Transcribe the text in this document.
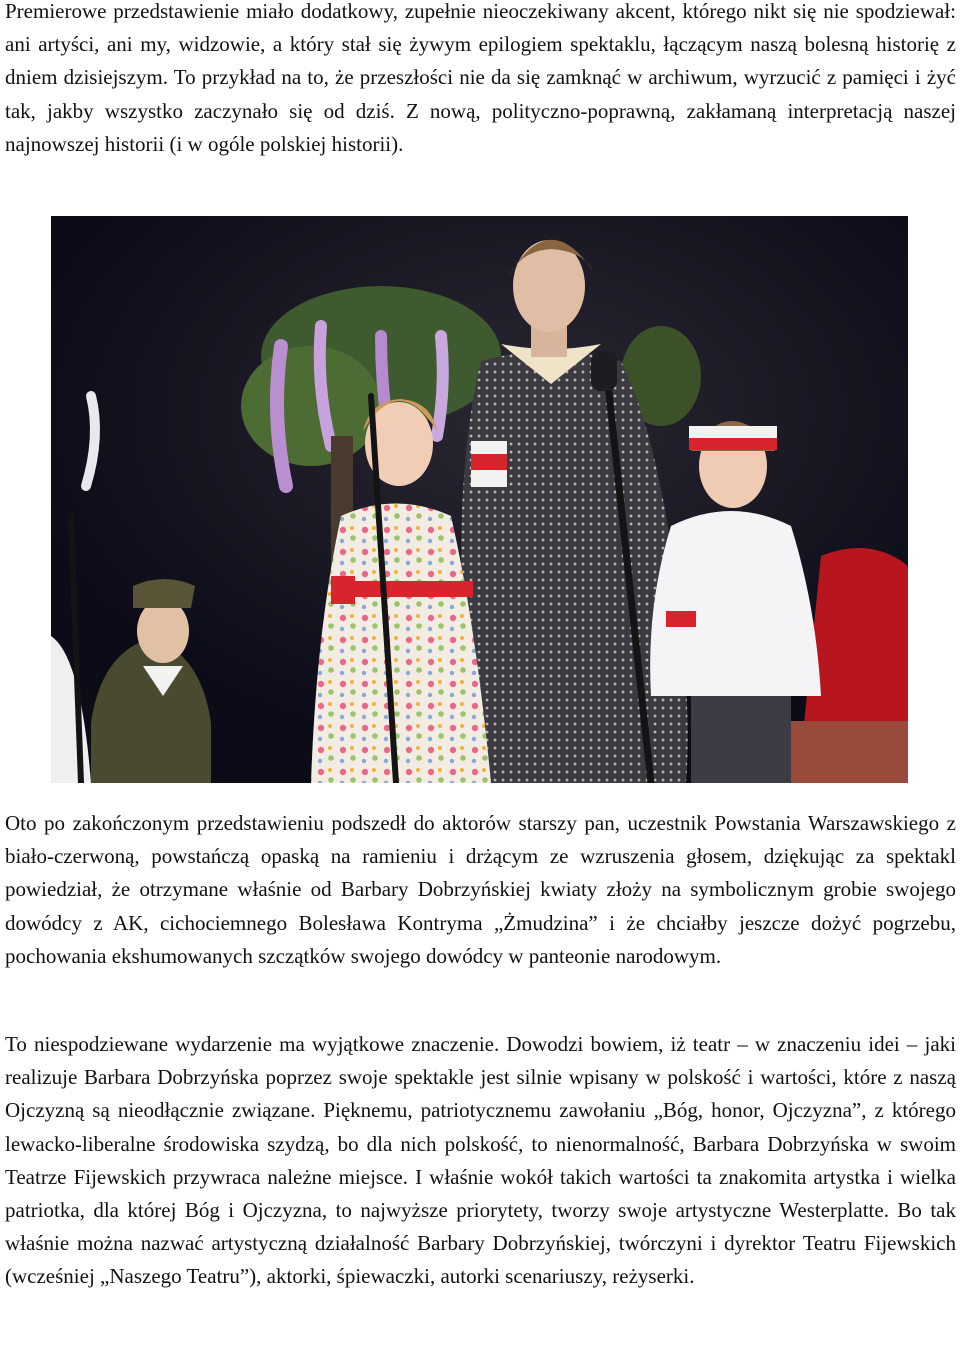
Premierowe przedstawienie miało dodatkowy, zupełnie nieoczekiwany akcent, którego nikt się nie spodziewał: ani artyści, ani my, widzowie, a który stał się żywym epilogiem spektaklu, łączącym naszą bolesną historię z dniem dzisiejszym. To przykład na to, że przeszłości nie da się zamknąć w archiwum, wyrzucić z pamięci i żyć tak, jakby wszystko zaczynało się od dziś. Z nową, polityczno-poprawną, zakłamaną interpretacją naszej najnowszej historii (i w ogóle polskiej historii).

Oto po zakończonym przedstawieniu podszedł do aktorów starszy pan, uczestnik Powstania Warszawskiego z biało-czerwoną, powstańczą opaską na ramieniu i drżącym ze wzruszenia głosem, dziękując za spektakl powiedział, że otrzymane właśnie od Barbary Dobrzyńskiej kwiaty złoży na symbolicznym grobie swojego dowódcy z AK, cichociemnego Bolesława Kontryma „Żmudzina” i że chciałby jeszcze dożyć pogrzebu, pochowania ekshumowanych szczątków swojego dowódcy w panteonie narodowym.

To niespodziewane wydarzenie ma wyjątkowe znaczenie. Dowodzi bowiem, iż teatr – w znaczeniu idei – jaki realizuje Barbara Dobrzyńska poprzez swoje spektakle jest silnie wpisany w polskość i wartości, które z naszą Ojczyzną są nieodłącznie związane. Pięknemu, patriotycznemu zawołaniu „Bóg, honor, Ojczyzna”, z którego lewacko-liberalne środowiska szydzą, bo dla nich polskość, to nienormalność, Barbara Dobrzyńska w swoim Teatrze Fijewskich przywraca należne miejsce. I właśnie wokół takich wartości ta znakomita artystka i wielka patriotka, dla której Bóg i Ojczyzna, to najwyższe priorytety, tworzy swoje artystyczne Westerplatte. Bo tak właśnie można nazwać artystyczną działalność Barbary Dobrzyńskiej, twórczyni i dyrektor Teatru Fijewskich (wcześniej „Naszego Teatru”), aktorki, śpiewaczki, autorki scenariuszy, reżyserki.
